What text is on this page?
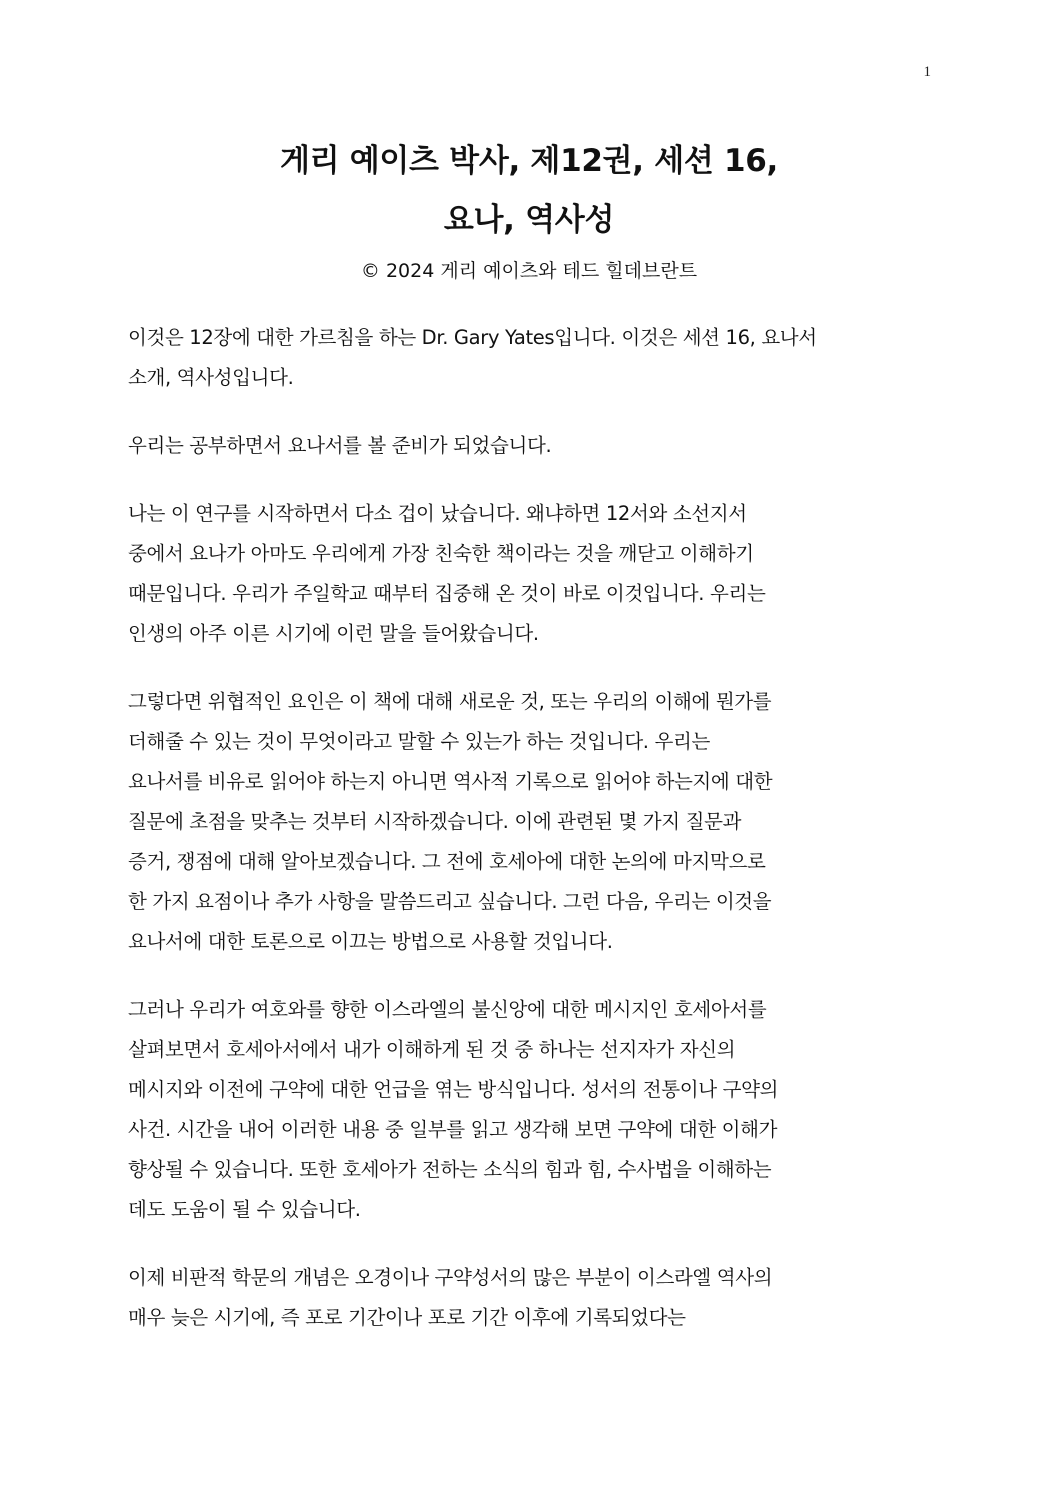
1
게리 예이츠 박사, 제12권, 세션 16,
요나, 역사성
© 2024 게리 예이츠와 테드 힐데브란트

이것은 12장에 대한 가르침을 하는 Dr. Gary Yates입니다. 이것은 세션 16, 요나서
소개, 역사성입니다.

우리는 공부하면서 요나서를 볼 준비가 되었습니다.

나는 이 연구를 시작하면서 다소 겁이 났습니다. 왜냐하면 12서와 소선지서
중에서 요나가 아마도 우리에게 가장 친숙한 책이라는 것을 깨닫고 이해하기
때문입니다. 우리가 주일학교 때부터 집중해 온 것이 바로 이것입니다. 우리는
인생의 아주 이른 시기에 이런 말을 들어왔습니다.

그렇다면 위협적인 요인은 이 책에 대해 새로운 것, 또는 우리의 이해에 뭔가를
더해줄 수 있는 것이 무엇이라고 말할 수 있는가 하는 것입니다. 우리는
요나서를 비유로 읽어야 하는지 아니면 역사적 기록으로 읽어야 하는지에 대한
질문에 초점을 맞추는 것부터 시작하겠습니다. 이에 관련된 몇 가지 질문과
증거, 쟁점에 대해 알아보겠습니다. 그 전에 호세아에 대한 논의에 마지막으로
한 가지 요점이나 추가 사항을 말씀드리고 싶습니다. 그런 다음, 우리는 이것을
요나서에 대한 토론으로 이끄는 방법으로 사용할 것입니다.

그러나 우리가 여호와를 향한 이스라엘의 불신앙에 대한 메시지인 호세아서를
살펴보면서 호세아서에서 내가 이해하게 된 것 중 하나는 선지자가 자신의
메시지와 이전에 구약에 대한 언급을 엮는 방식입니다. 성서의 전통이나 구약의
사건. 시간을 내어 이러한 내용 중 일부를 읽고 생각해 보면 구약에 대한 이해가
향상될 수 있습니다. 또한 호세아가 전하는 소식의 힘과 힘, 수사법을 이해하는
데도 도움이 될 수 있습니다.

이제 비판적 학문의 개념은 오경이나 구약성서의 많은 부분이 이스라엘 역사의
매우 늦은 시기에, 즉 포로 기간이나 포로 기간 이후에 기록되었다는
